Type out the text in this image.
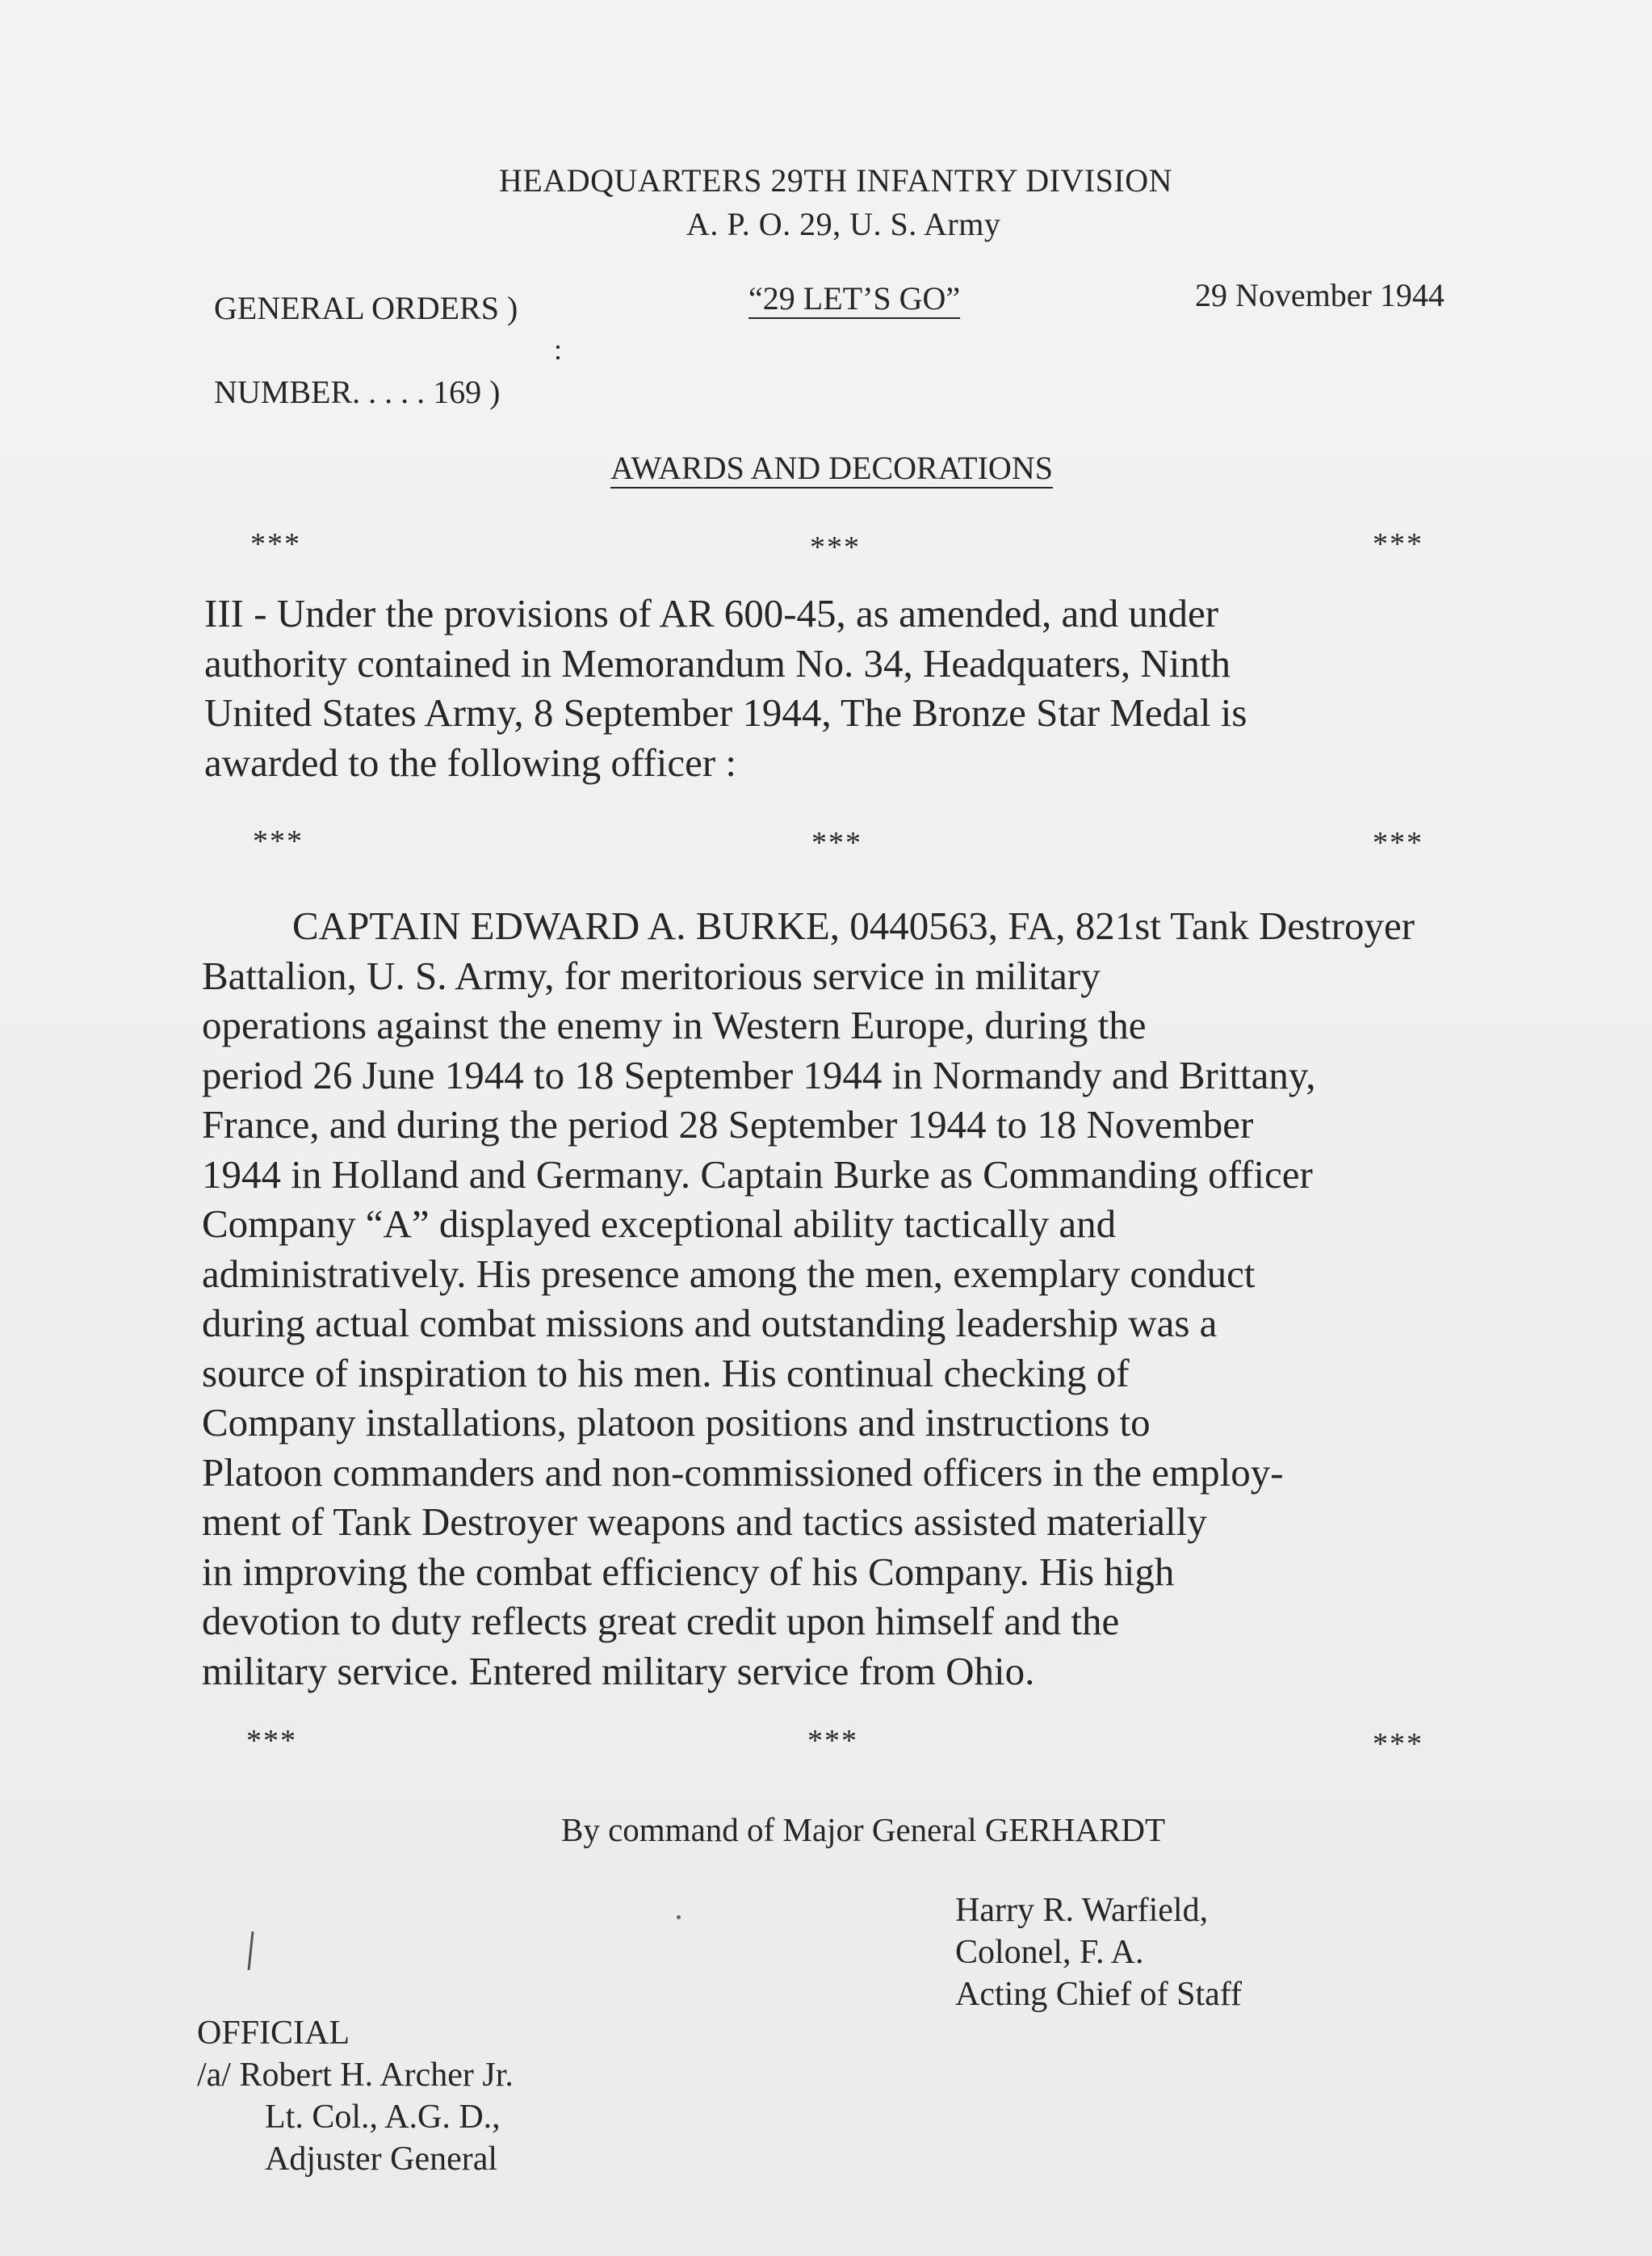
HEADQUARTERS 29TH INFANTRY DIVISION
A. P. O. 29, U. S. Army
GENERAL ORDERS )
:
NUMBER. . . . . 169 )
“29 LET’S GO”	29 November 1944
AWARDS AND DECORATIONS
***	***	***
III - Under the provisions of AR 600-45, as amended, and under
authority contained in Memorandum No. 34, Headquaters, Ninth
United States Army, 8 September 1944, The Bronze Star Medal is
awarded to the following officer :
***	***	***
CAPTAIN EDWARD A. BURKE, 0440563, FA, 821st Tank Destroyer
Battalion, U. S. Army, for meritorious service in military
operations against the enemy in Western Europe, during the
period 26 June 1944 to 18 September 1944 in Normandy and Brittany,
France, and during the period 28 September 1944 to 18 November
1944 in Holland and Germany. Captain Burke as Commanding officer
Company “A” displayed exceptional ability tactically and
administratively. His presence among the men, exemplary conduct
during actual combat missions and outstanding leadership was a
source of inspiration to his men. His continual checking of
Company installations, platoon positions and instructions to
Platoon commanders and non-commissioned officers in the employ-
ment of Tank Destroyer weapons and tactics assisted materially
in improving the combat efficiency of his Company. His high
devotion to duty reflects great credit upon himself and the
military service. Entered military service from Ohio.
***	***	***
By command of Major General GERHARDT
Harry R. Warfield,
Colonel, F. A.
Acting Chief of Staff
OFFICIAL
/a/ Robert H. Archer Jr.
Lt. Col., A.G. D.,
Adjuster General
